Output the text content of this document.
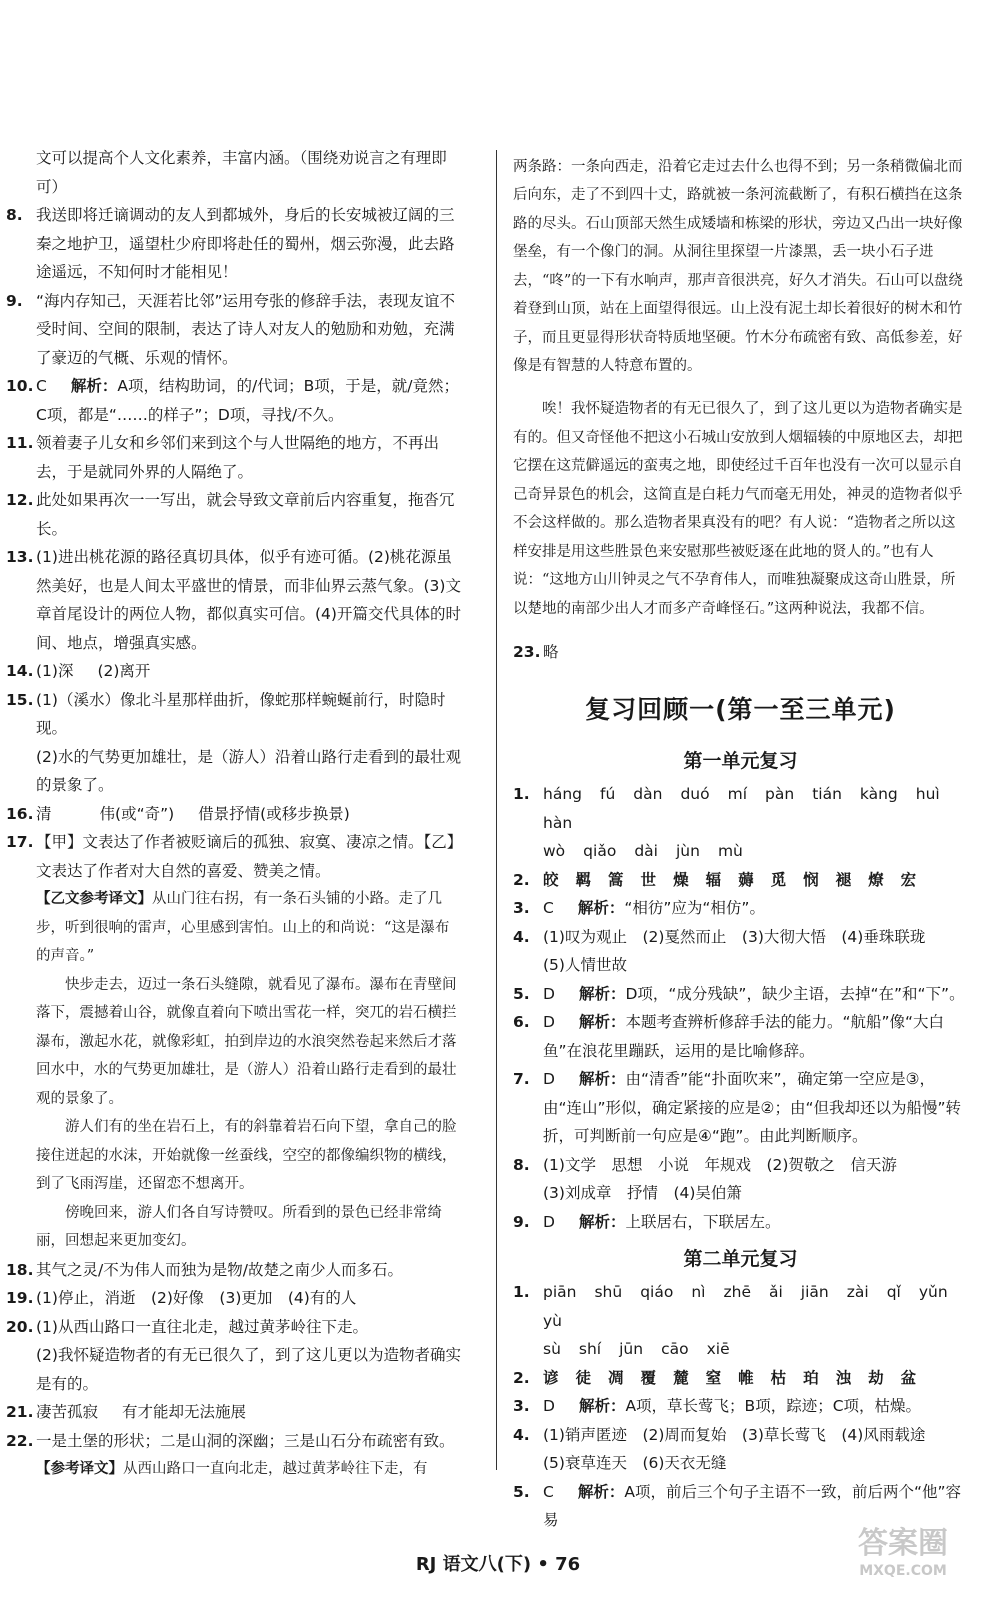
文可以提高个人文化素养，丰富内涵。（围绕劝说言之有理即可）

8. 我送即将迁谪调动的友人到都城外，身后的长安城被辽阔的三秦之地护卫，遥望杜少府即将赴任的蜀州，烟云弥漫，此去路途遥远，不知何时才能相见！
9. “海内存知己，天涯若比邻”运用夸张的修辞手法，表现友谊不受时间、空间的限制，表达了诗人对友人的勉励和劝勉，充满了豪迈的气概、乐观的情怀。
10. C 解析：A项，结构助词，的/代词；B项，于是，就/竟然；C项，都是“……的样子”；D项，寻找/不久。
11. 领着妻子儿女和乡邻们来到这个与人世隔绝的地方，不再出去，于是就同外界的人隔绝了。
12. 此处如果再次一一写出，就会导致文章前后内容重复，拖沓冗长。
13. (1)进出桃花源的路径真切具体，似乎有迹可循。(2)桃花源虽然美好，也是人间太平盛世的情景，而非仙界云蒸气象。(3)文章首尾设计的两位人物，都似真实可信。(4)开篇交代具体的时间、地点，增强真实感。
14. (1)深 (2)离开
15. (1)（溪水）像北斗星那样曲折，像蛇那样蜿蜒前行，时隐时现。

(2)水的气势更加雄壮，是（游人）沿着山路行走看到的最壮观的景象了。

16. 清	伟(或“奇”) 借景抒情(或移步换景)
17. 【甲】文表达了作者被贬谪后的孤独、寂寞、凄凉之情。【乙】文表达了作者对大自然的喜爱、赞美之情。

【乙文参考译文】从山门往右拐，有一条石头铺的小路。走了几步，听到很响的雷声，心里感到害怕。山上的和尚说：“这是瀑布的声音。”

快步走去，迈过一条石头缝隙，就看见了瀑布。瀑布在青壁间落下，震撼着山谷，就像直着向下喷出雪花一样，突兀的岩石横拦瀑布，激起水花，就像彩虹，拍到岸边的水浪突然卷起来然后才落回水中，水的气势更加雄壮，是（游人）沿着山路行走看到的最壮观的景象了。

游人们有的坐在岩石上，有的斜靠着岩石向下望，拿自己的脸接住迸起的水沫，开始就像一丝蚕线，空空的都像编织物的横线，到了飞雨泻崖，还留恋不想离开。

傍晚回来，游人们各自写诗赞叹。所看到的景色已经非常绮丽，回想起来更加变幻。

18. 其气之灵/不为伟人而独为是物/故楚之南少人而多石。
19. (1)停止，消逝　(2)好像　(3)更加　(4)有的人
20. (1)从西山路口一直往北走，越过黄茅岭往下走。

(2)我怀疑造物者的有无已很久了，到了这儿更以为造物者确实是有的。

21. 凄苦孤寂 有才能却无法施展
22. 一是土堡的形状；二是山洞的深幽；三是山石分布疏密有致。

【参考译文】从西山路口一直向北走，越过黄茅岭往下走，有

两条路：一条向西走，沿着它走过去什么也得不到；另一条稍微偏北而后向东，走了不到四十丈，路就被一条河流截断了，有积石横挡在这条路的尽头。石山顶部天然生成矮墙和栋梁的形状，旁边又凸出一块好像堡垒，有一个像门的洞。从洞往里探望一片漆黑，丢一块小石子进去，“咚”的一下有水响声，那声音很洪亮，好久才消失。石山可以盘绕着登到山顶，站在上面望得很远。山上没有泥土却长着很好的树木和竹子，而且更显得形状奇特质地坚硬。竹木分布疏密有致、高低参差，好像是有智慧的人特意布置的。

唉！我怀疑造物者的有无已很久了，到了这儿更以为造物者确实是有的。但又奇怪他不把这小石城山安放到人烟辐辏的中原地区去，却把它摆在这荒僻遥远的蛮夷之地，即使经过千百年也没有一次可以显示自己奇异景色的机会，这简直是白耗力气而毫无用处，神灵的造物者似乎不会这样做的。那么造物者果真没有的吧？有人说：“造物者之所以这样安排是用这些胜景色来安慰那些被贬逐在此地的贤人的。”也有人说：“这地方山川钟灵之气不孕育伟人，而唯独凝聚成这奇山胜景，所以楚地的南部少出人才而多产奇峰怪石。”这两种说法，我都不信。

23. 略
复习回顾一(第一至三单元)
第一单元复习
1. háng fú dàn duó mí pàn tián kàng huìhàn
wò qiǎo dài jùn mù
2. 皎 羁 篙 世 燥 辐 薅 觅 悯 褪 燎 宏
3. C 解析：“相彷”应为“相仿”。
4. (1)叹为观止　(2)戛然而止　(3)大彻大悟　(4)垂珠联珑

(5)人情世故

5. D 解析：D项，“成分残缺”，缺少主语，去掉“在”和“下”。
6. D 解析：本题考查辨析修辞手法的能力。“航船”像“大白鱼”在浪花里蹦跃，运用的是比喻修辞。
7. D 解析：由“清香”能“扑面吹来”，确定第一空应是③，由“连山”形似，确定紧接的应是②；由“但我却还以为船慢”转折，可判断前一句应是④“跑”。由此判断顺序。
8. (1)文学　思想　小说　年规戏　(2)贺敬之　信天游

(3)刘成章　抒情　(4)吴伯箫

9. D 解析：上联居右，下联居左。
第二单元复习
1. piān shū qiáo nì zhē ǎi jiān zài qǐ yǔnyù
sù shí jūn cāo xiē
2. 谚 徒 凋 覆 麓 窒 帷 枯 珀 浊 劫 盆
3. D 解析：A项，草长莺飞；B项，踪迹；C项，枯燥。
4. (1)销声匿迹　(2)周而复始　(3)草长莺飞　(4)风雨载途

(5)衰草连天　(6)天衣无缝

5. C 解析：A项，前后三个句子主语不一致，前后两个“他”容易
RJ 语文八(下) • 76
答案圈
MXQE.COM
